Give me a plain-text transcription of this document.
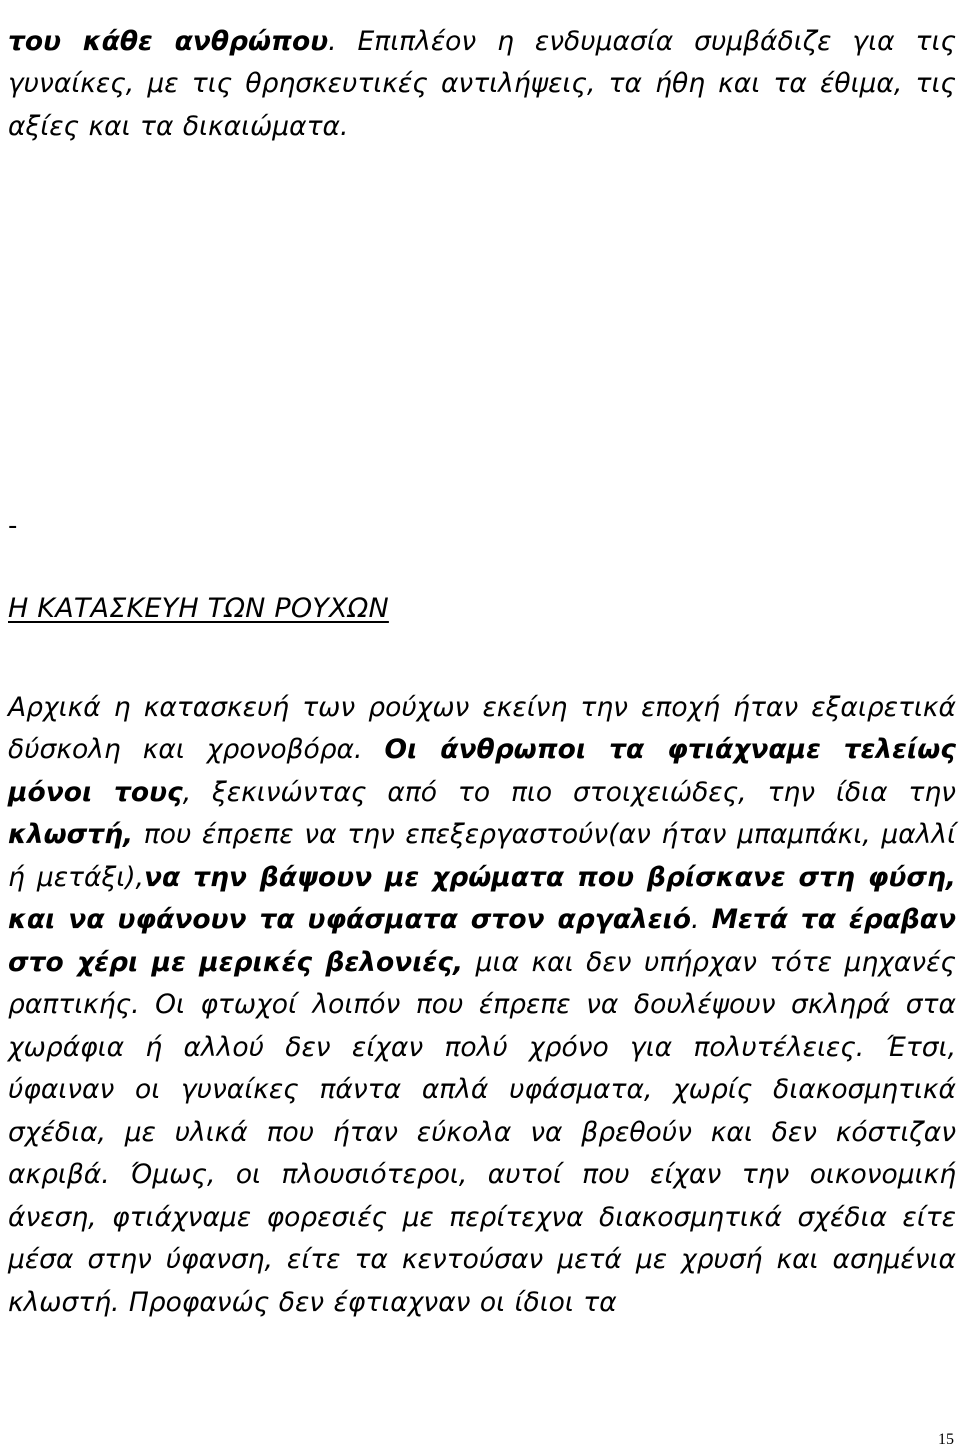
του κάθε ανθρώπου. Επιπλέον η ενδυμασία συμβάδιζε για τις γυναίκες, με τις θρησκευτικές αντιλήψεις, τα ήθη και τα έθιμα, τις αξίες και τα δικαιώματα.

-
Η ΚΑΤΑΣΚΕΥΗ ΤΩΝ ΡΟΥΧΩΝ

Αρχικά η κατασκευή των ρούχων εκείνη την εποχή ήταν εξαιρετικά δύσκολη και χρονοβόρα. Οι άνθρωποι τα φτιάχναμε τελείως μόνοι τους, ξεκινώντας από το πιο στοιχειώδες, την ίδια την κλωστή, που έπρεπε να την επεξεργαστούν(αν ήταν μπαμπάκι, μαλλί ή μετάξι),να την βάψουν με χρώματα που βρίσκανε στη φύση, και να υφάνουν τα υφάσματα στον αργαλειό. Μετά τα έραβαν στο χέρι με μερικές βελονιές, μια και δεν υπήρχαν τότε μηχανές ραπτικής. Οι φτωχοί λοιπόν που έπρεπε να δουλέψουν σκληρά στα χωράφια ή αλλού δεν είχαν πολύ χρόνο για πολυτέλειες. Έτσι, ύφαιναν οι γυναίκες πάντα απλά υφάσματα, χωρίς διακοσμητικά σχέδια, με υλικά που ήταν εύκολα να βρεθούν και δεν κόστιζαν ακριβά. Όμως, οι πλουσιότεροι, αυτοί που είχαν την οικονομική άνεση, φτιάχναμε φορεσιές με περίτεχνα διακοσμητικά σχέδια είτε μέσα στην ύφανση, είτε τα κεντούσαν μετά με χρυσή και ασημένια κλωστή. Προφανώς δεν έφτιαχναν οι ίδιοι τα

15
